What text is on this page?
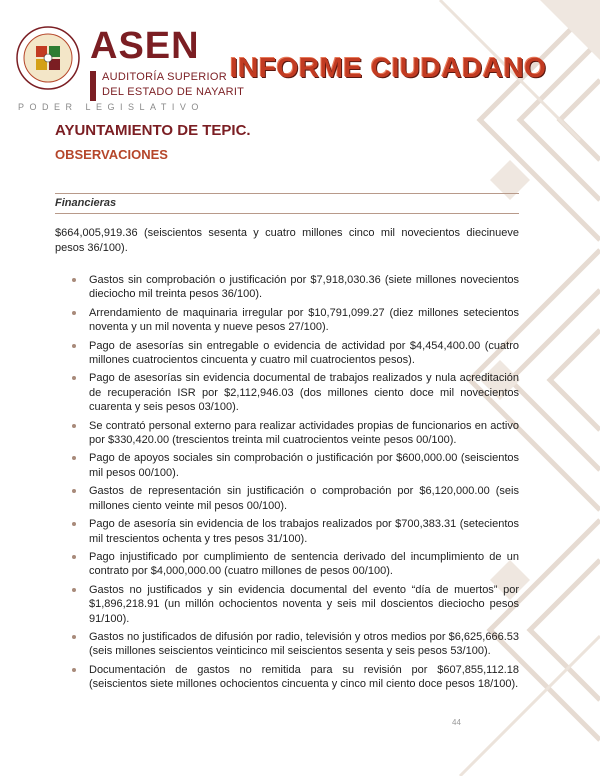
ASEN
AUDITORÍA SUPERIOR
DEL ESTADO DE NAYARIT
PODER LEGISLATIVO
INFORME CIUDADANO
AYUNTAMIENTO DE TEPIC.
OBSERVACIONES
Financieras

$664,005,919.36 (seiscientos sesenta y cuatro millones cinco mil novecientos diecinueve pesos 36/100).

Gastos sin comprobación o justificación por $7,918,030.36 (siete millones novecientos dieciocho mil treinta pesos 36/100).
Arrendamiento de maquinaria irregular por $10,791,099.27 (diez millones setecientos noventa y un mil noventa y nueve pesos 27/100).
Pago de asesorías sin entregable o evidencia de actividad por $4,454,400.00 (cuatro millones cuatrocientos cincuenta y cuatro mil cuatrocientos pesos).
Pago de asesorías sin evidencia documental de trabajos realizados y nula acreditación de recuperación ISR por $2,112,946.03 (dos millones ciento doce mil novecientos cuarenta y seis pesos 03/100).
Se contrató personal externo para realizar actividades propias de funcionarios en activo por $330,420.00 (trescientos treinta mil cuatrocientos veinte pesos 00/100).
Pago de apoyos sociales sin comprobación o justificación por $600,000.00 (seiscientos mil pesos 00/100).
Gastos de representación sin justificación o comprobación por $6,120,000.00 (seis millones ciento veinte mil pesos 00/100).
Pago de asesoría sin evidencia de los trabajos realizados por $700,383.31 (setecientos mil trescientos ochenta y tres pesos 31/100).
Pago injustificado por cumplimiento de sentencia derivado del incumplimiento de un contrato por $4,000,000.00 (cuatro millones de pesos 00/100).
Gastos no justificados y sin evidencia documental del evento “día de muertos” por $1,896,218.91 (un millón ochocientos noventa y seis mil doscientos dieciocho pesos 91/100).
Gastos no justificados de difusión por radio, televisión y otros medios por $6,625,666.53 (seis millones seiscientos veinticinco mil seiscientos sesenta y seis pesos 53/100).
Documentación de gastos no remitida para su revisión por $607,855,112.18 (seiscientos siete millones ochocientos cincuenta y cinco mil ciento doce pesos 18/100).
44
